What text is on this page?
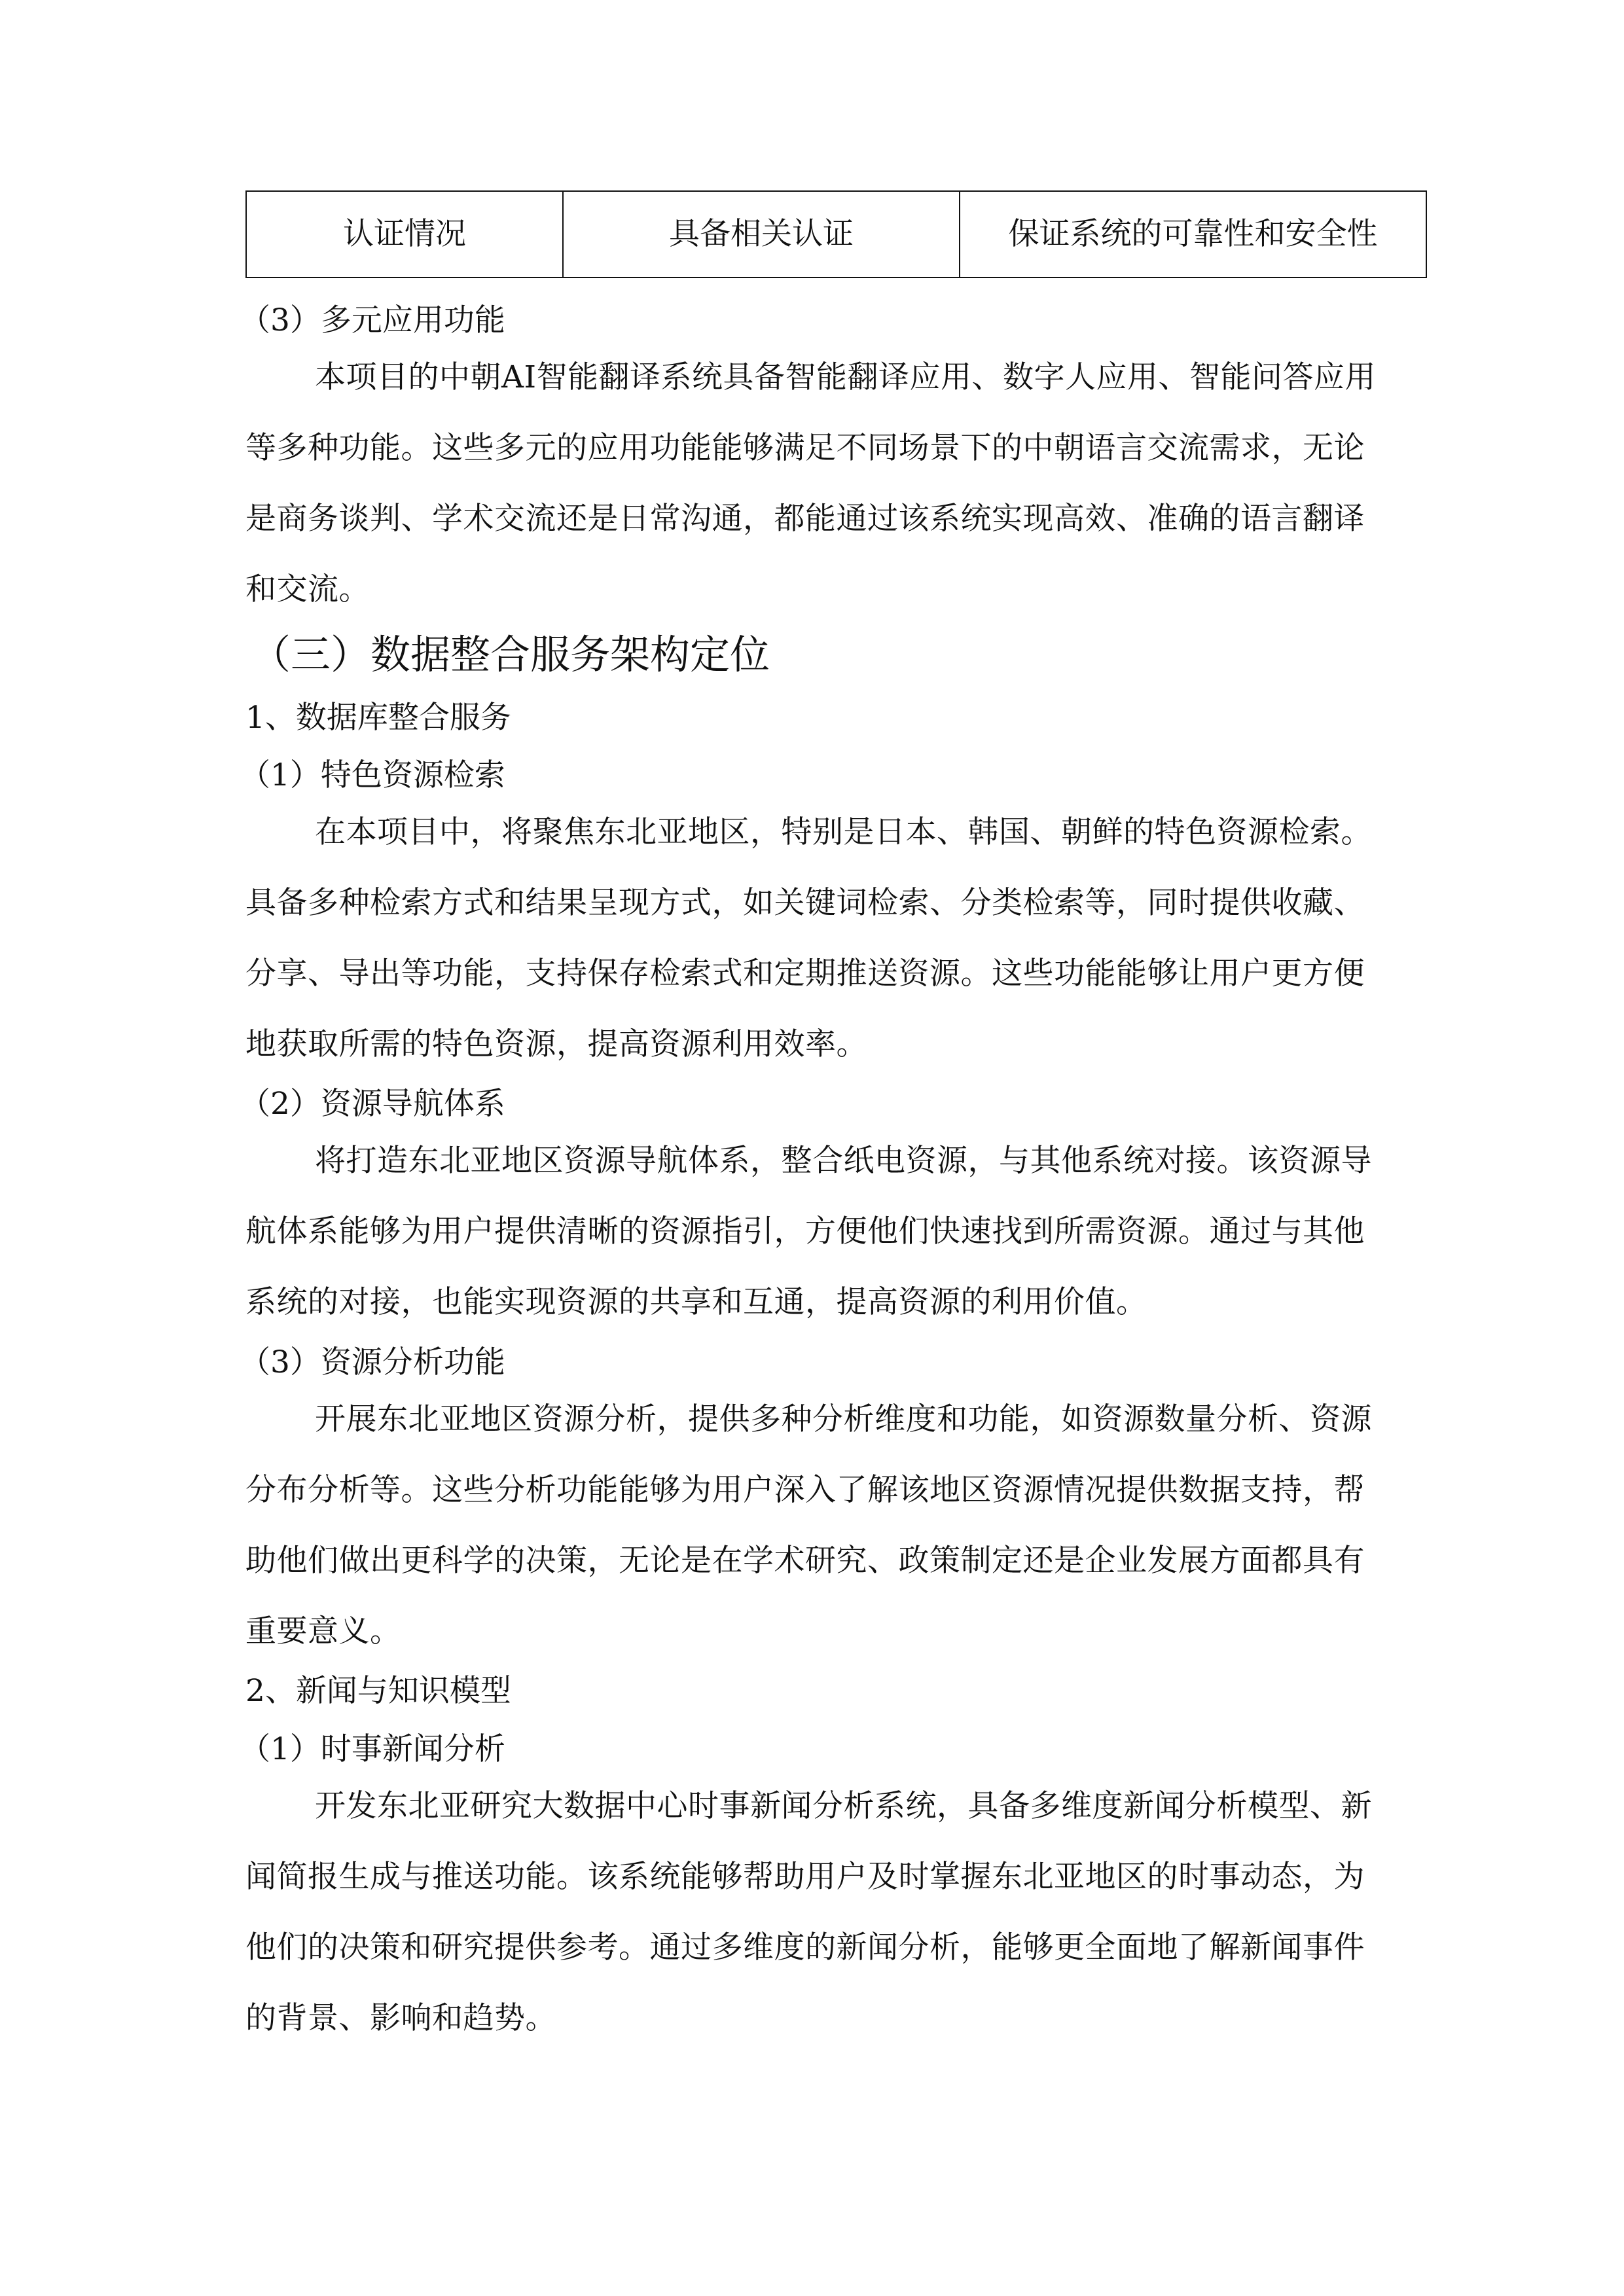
认证情况	具备相关认证	保证系统的可靠性和安全性
（3）多元应用功能

本项目的中朝AI智能翻译系统具备智能翻译应用、数字人应用、智能问答应用等多种功能。这些多元的应用功能能够满足不同场景下的中朝语言交流需求，无论是商务谈判、学术交流还是日常沟通，都能通过该系统实现高效、准确的语言翻译和交流。

（三）数据整合服务架构定位
1、数据库整合服务
（1）特色资源检索

在本项目中，将聚焦东北亚地区，特别是日本、韩国、朝鲜的特色资源检索。具备多种检索方式和结果呈现方式，如关键词检索、分类检索等，同时提供收藏、分享、导出等功能，支持保存检索式和定期推送资源。这些功能能够让用户更方便地获取所需的特色资源，提高资源利用效率。

（2）资源导航体系

将打造东北亚地区资源导航体系，整合纸电资源，与其他系统对接。该资源导航体系能够为用户提供清晰的资源指引，方便他们快速找到所需资源。通过与其他系统的对接，也能实现资源的共享和互通，提高资源的利用价值。

（3）资源分析功能

开展东北亚地区资源分析，提供多种分析维度和功能，如资源数量分析、资源分布分析等。这些分析功能能够为用户深入了解该地区资源情况提供数据支持，帮助他们做出更科学的决策，无论是在学术研究、政策制定还是企业发展方面都具有重要意义。

2、新闻与知识模型
（1）时事新闻分析

开发东北亚研究大数据中心时事新闻分析系统，具备多维度新闻分析模型、新闻简报生成与推送功能。该系统能够帮助用户及时掌握东北亚地区的时事动态，为他们的决策和研究提供参考。通过多维度的新闻分析，能够更全面地了解新闻事件的背景、影响和趋势。
